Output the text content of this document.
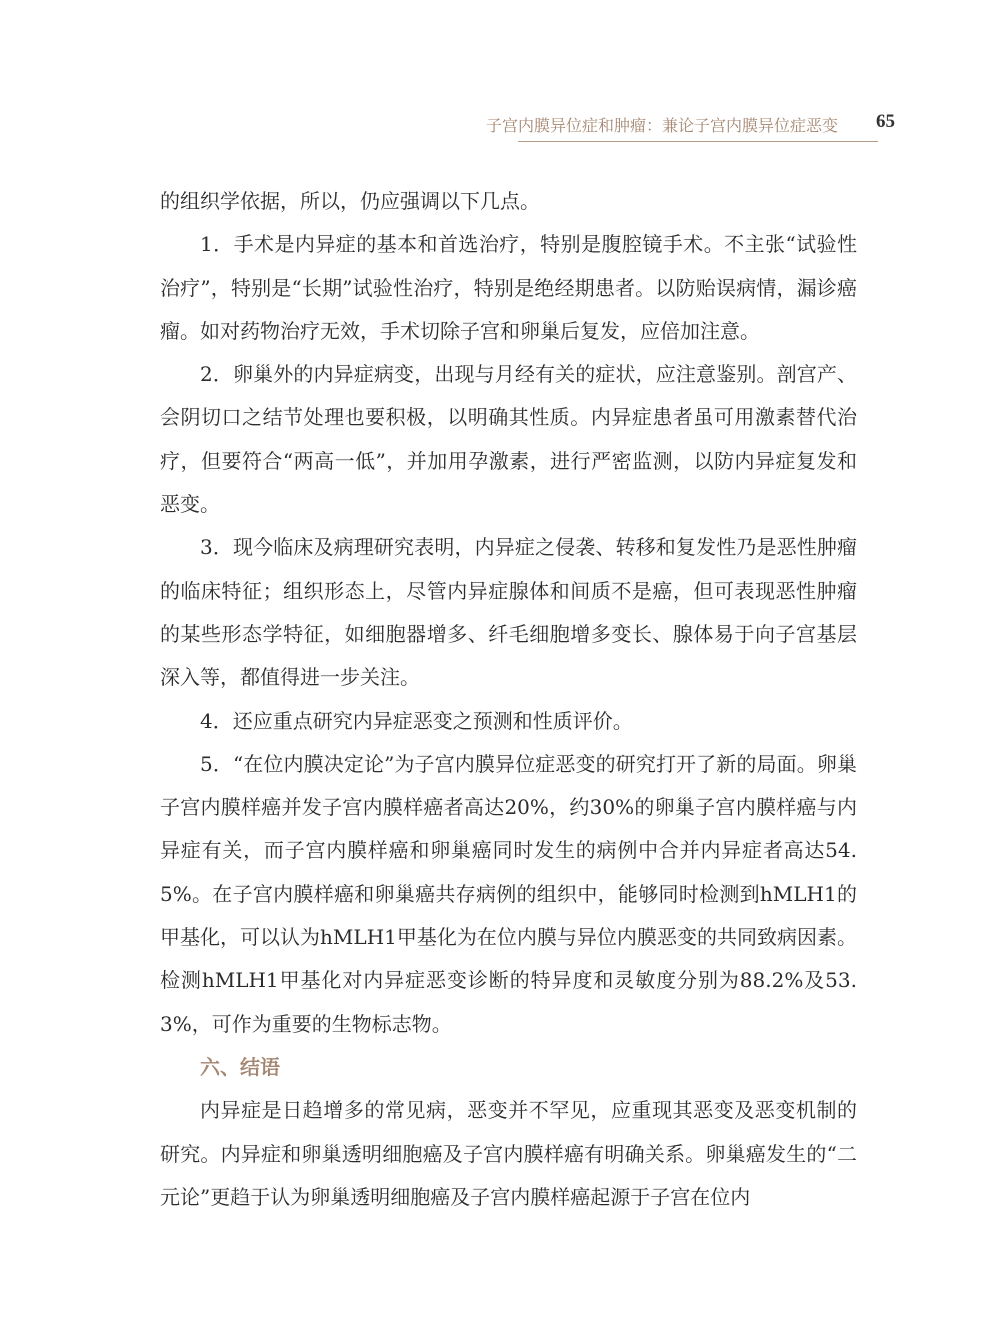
子宫内膜异位症和肿瘤：兼论子宫内膜异位症恶变 65

的组织学依据，所以，仍应强调以下几点。

1．手术是内异症的基本和首选治疗，特别是腹腔镜手术。不主张“试验性治疗”，特别是“长期”试验性治疗，特别是绝经期患者。以防贻误病情，漏诊癌瘤。如对药物治疗无效，手术切除子宫和卵巢后复发，应倍加注意。

2．卵巢外的内异症病变，出现与月经有关的症状，应注意鉴别。剖宫产、会阴切口之结节处理也要积极，以明确其性质。内异症患者虽可用激素替代治疗，但要符合“两高一低”，并加用孕激素，进行严密监测，以防内异症复发和恶变。

3．现今临床及病理研究表明，内异症之侵袭、转移和复发性乃是恶性肿瘤的临床特征；组织形态上，尽管内异症腺体和间质不是癌，但可表现恶性肿瘤的某些形态学特征，如细胞器增多、纤毛细胞增多变长、腺体易于向子宫基层深入等，都值得进一步关注。

4．还应重点研究内异症恶变之预测和性质评价。

5．“在位内膜决定论”为子宫内膜异位症恶变的研究打开了新的局面。卵巢子宫内膜样癌并发子宫内膜样癌者高达20%，约30%的卵巢子宫内膜样癌与内异症有关，而子宫内膜样癌和卵巢癌同时发生的病例中合并内异症者高达54.5%。在子宫内膜样癌和卵巢癌共存病例的组织中，能够同时检测到hMLH1的甲基化，可以认为hMLH1甲基化为在位内膜与异位内膜恶变的共同致病因素。检测hMLH1甲基化对内异症恶变诊断的特异度和灵敏度分别为88.2%及53.3%，可作为重要的生物标志物。

六、结语

内异症是日趋增多的常见病，恶变并不罕见，应重现其恶变及恶变机制的研究。内异症和卵巢透明细胞癌及子宫内膜样癌有明确关系。卵巢癌发生的“二元论”更趋于认为卵巢透明细胞癌及子宫内膜样癌起源于子宫在位内
